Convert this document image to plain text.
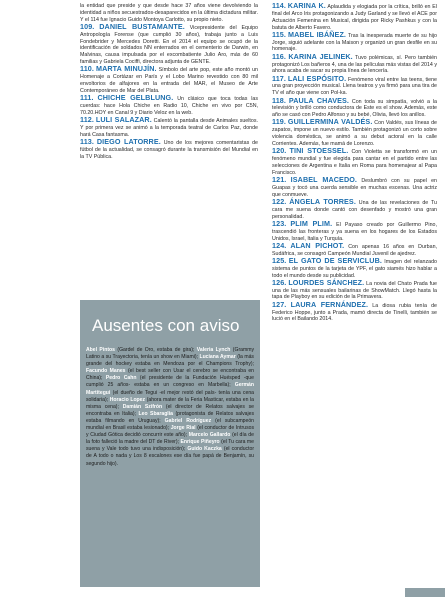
la entidad que preside y que desde hace 37 años viene devolviendo la identidad a niños secuestrados-desaparecidos en la última dictadura militar. Y el 114 fue Ignacio Guido Montoya Carlotto, su propio nieto.

109. DANIEL BUSTAMANTE. Vicepresidente del Equipo Antropología Forense (que cumplió 30 años), trabaja junto a Luis Fondebrider y Mercedes Doretti. En el 2014 el equipo se ocupó de la identificación de soldados NN enterrados en el cementerio de Darwin, en Malvinas, causa impulsada por el excombatiente Julio Aro, más de 60 familias y Gabriela Cociffi, directora adjunta de GENTE.

110. MARTA MINUJÍN. Símbolo del arte pop, este año montó un Homenaje a Cortázar en París y el Lobo Marino revestido con 80 mil envoltorios de alfajores en la entrada del MAR, el Museo de Arte Contemporáneo de Mar del Plata.

111. CHICHE GELBLUNG. Un clásico que toca todas las cuerdas: hace Hola Chiche en Radio 10, Chiche en vivo por C5N, 70.20.HOY en Canal 9 y Diario Veloz en la web.

112. LULI SALAZAR. Calentó la pantalla desde Animales sueltos. Y por primera vez se animó a la temporada teatral de Carlos Paz, donde hará Casa fantasma.

113. DIEGO LATORRE. Uno de los mejores comentaristas de fútbol de la actualidad, se consagró durante la transmisión del Mundial en la TV Pública.

114. KARINA K. Aplaudida y elogiada por la crítica, brilló en El final del Arco Iris protagonizando a Judy Garland y se llevó el ACE por Actuación Femenina en Musical, dirigida por Ricky Pashkus y con la batuta de Alberto Favero.

115. MABEL IBÁÑEZ. Tras la inesperada muerte de su hijo Jorge, siguió adelante con la Maison y organizó un gran desfile en su homenaje.

116. KARINA JELINEK. Tuvo polémicas, sí. Pero también protagonizó Los bañeros 4, una de las películas más vistas del 2014 y ahora acaba de sacar su propia línea de lencería.

117. LALI ESPÓSITO. Fenómeno viral entre las teens, tiene una gran proyección musical. Llena teatros y ya firmó para una tira de TV el año que viene con Pol-ka.

118. PAULA CHAVES. Con toda su simpatía, volvió a la televisión y brilló como conductora de Este es el show. Además, este año se casó con Pedro Alfonso y su bebé, Olivia, llevó los anillos.

119. GUILLERMINA VALDÉS. Con Valdés, sus líneas de zapatos, impone un nuevo estilo. También protagonizó un corto sobre violencia doméstica, se animó a su debut actoral en la calle Corrientes. Además, fue mamá de Lorenzo.

120. TINI STOESSEL. Con Violetta se transformó en un fenómeno mundial y fue elegida para cantar en el partido entre las selecciones de Argentina e Italia en Roma para homenajear al Papa Francisco.

121. ISABEL MACEDO. Deslumbró con su papel en Guapas y tocó una cuerda sensible en muchas escenas. Una actriz que conmueve.

122. ÁNGELA TORRES. Una de las revelaciones de Tu cara me suena donde cantó con desenfado y mostró una gran personalidad.

123. PLIM PLIM. El Payaso creado por Guillermo Pino, trascendió las fronteras y ya suena en los hogares de los Estados Unidos, Israel, Italia y Turquía.

124. ALAN PICHOT. Con apenas 16 años en Durban, Sudáfrica, se consagró Campeón Mundial Juvenil de ajedrez.

125. EL GATO DE SERVICLUB. Imagen del relanzado sistema de puntos de la tarjeta de YPF, el gato siamés hizo hablar a todo el mundo desde su publicidad.

126. LOURDES SÁNCHEZ. La novia del Chato Prada fue una de las más sensuales bailarinas de ShowMatch. Llegó hasta la tapa de Playboy en su edición de la Primavera.

127. LAURA FERNÁNDEZ. La diosa rubia tenía de Federico Hoppe, junto a Prada, mamó directa de Tinelli, también se lució en el Bailando 2014.

Ausentes con aviso
Abel Pintos (Gardel de Oro, estaba de gira); Valeria Lynch (Grammy Latino a su Trayectoria, tenía un show en Miami); Luciana Aymar (la más grande del hockey estaba en Mendoza por el Champions Trophy); Facundo Manes (el best seller con Usar el cerebro se encontraba en China); Pedro Cahn (el presidente de la Fundación Huésped -que cumplió 25 años- estaba en un congreso en Marbella); Germán Martitegui (el dueño de Tegui -el mejor restó del país- tenía una cena solidaria); Horacio Lopez (ahora mater de la Feria Masticar, estaba en la misma cena); Damián Szifrón (el director de Relatos salvajes se encontraba en Italia); Leo Sbaraglia (protagonista de Relatos salvajes estaba filmando en Uruguay); Gabriel Rodríguez (el subcampeón mundial en Brasil estaba lesionado); Jorge Rial (el conductor de Intrusos y Ciudad Gótica decidió concurrir este año); Marcelo Gallardo (el día de la foto falleció la madre del DT de River); Enrique Piñeyro (el Tu cara me suena y Vale todo tuvo una indisposición); Guido Kaczka (el conductor de A todo o nada y Los 8 escalones ese día fue papá de Benjamín, su segundo hijo).
